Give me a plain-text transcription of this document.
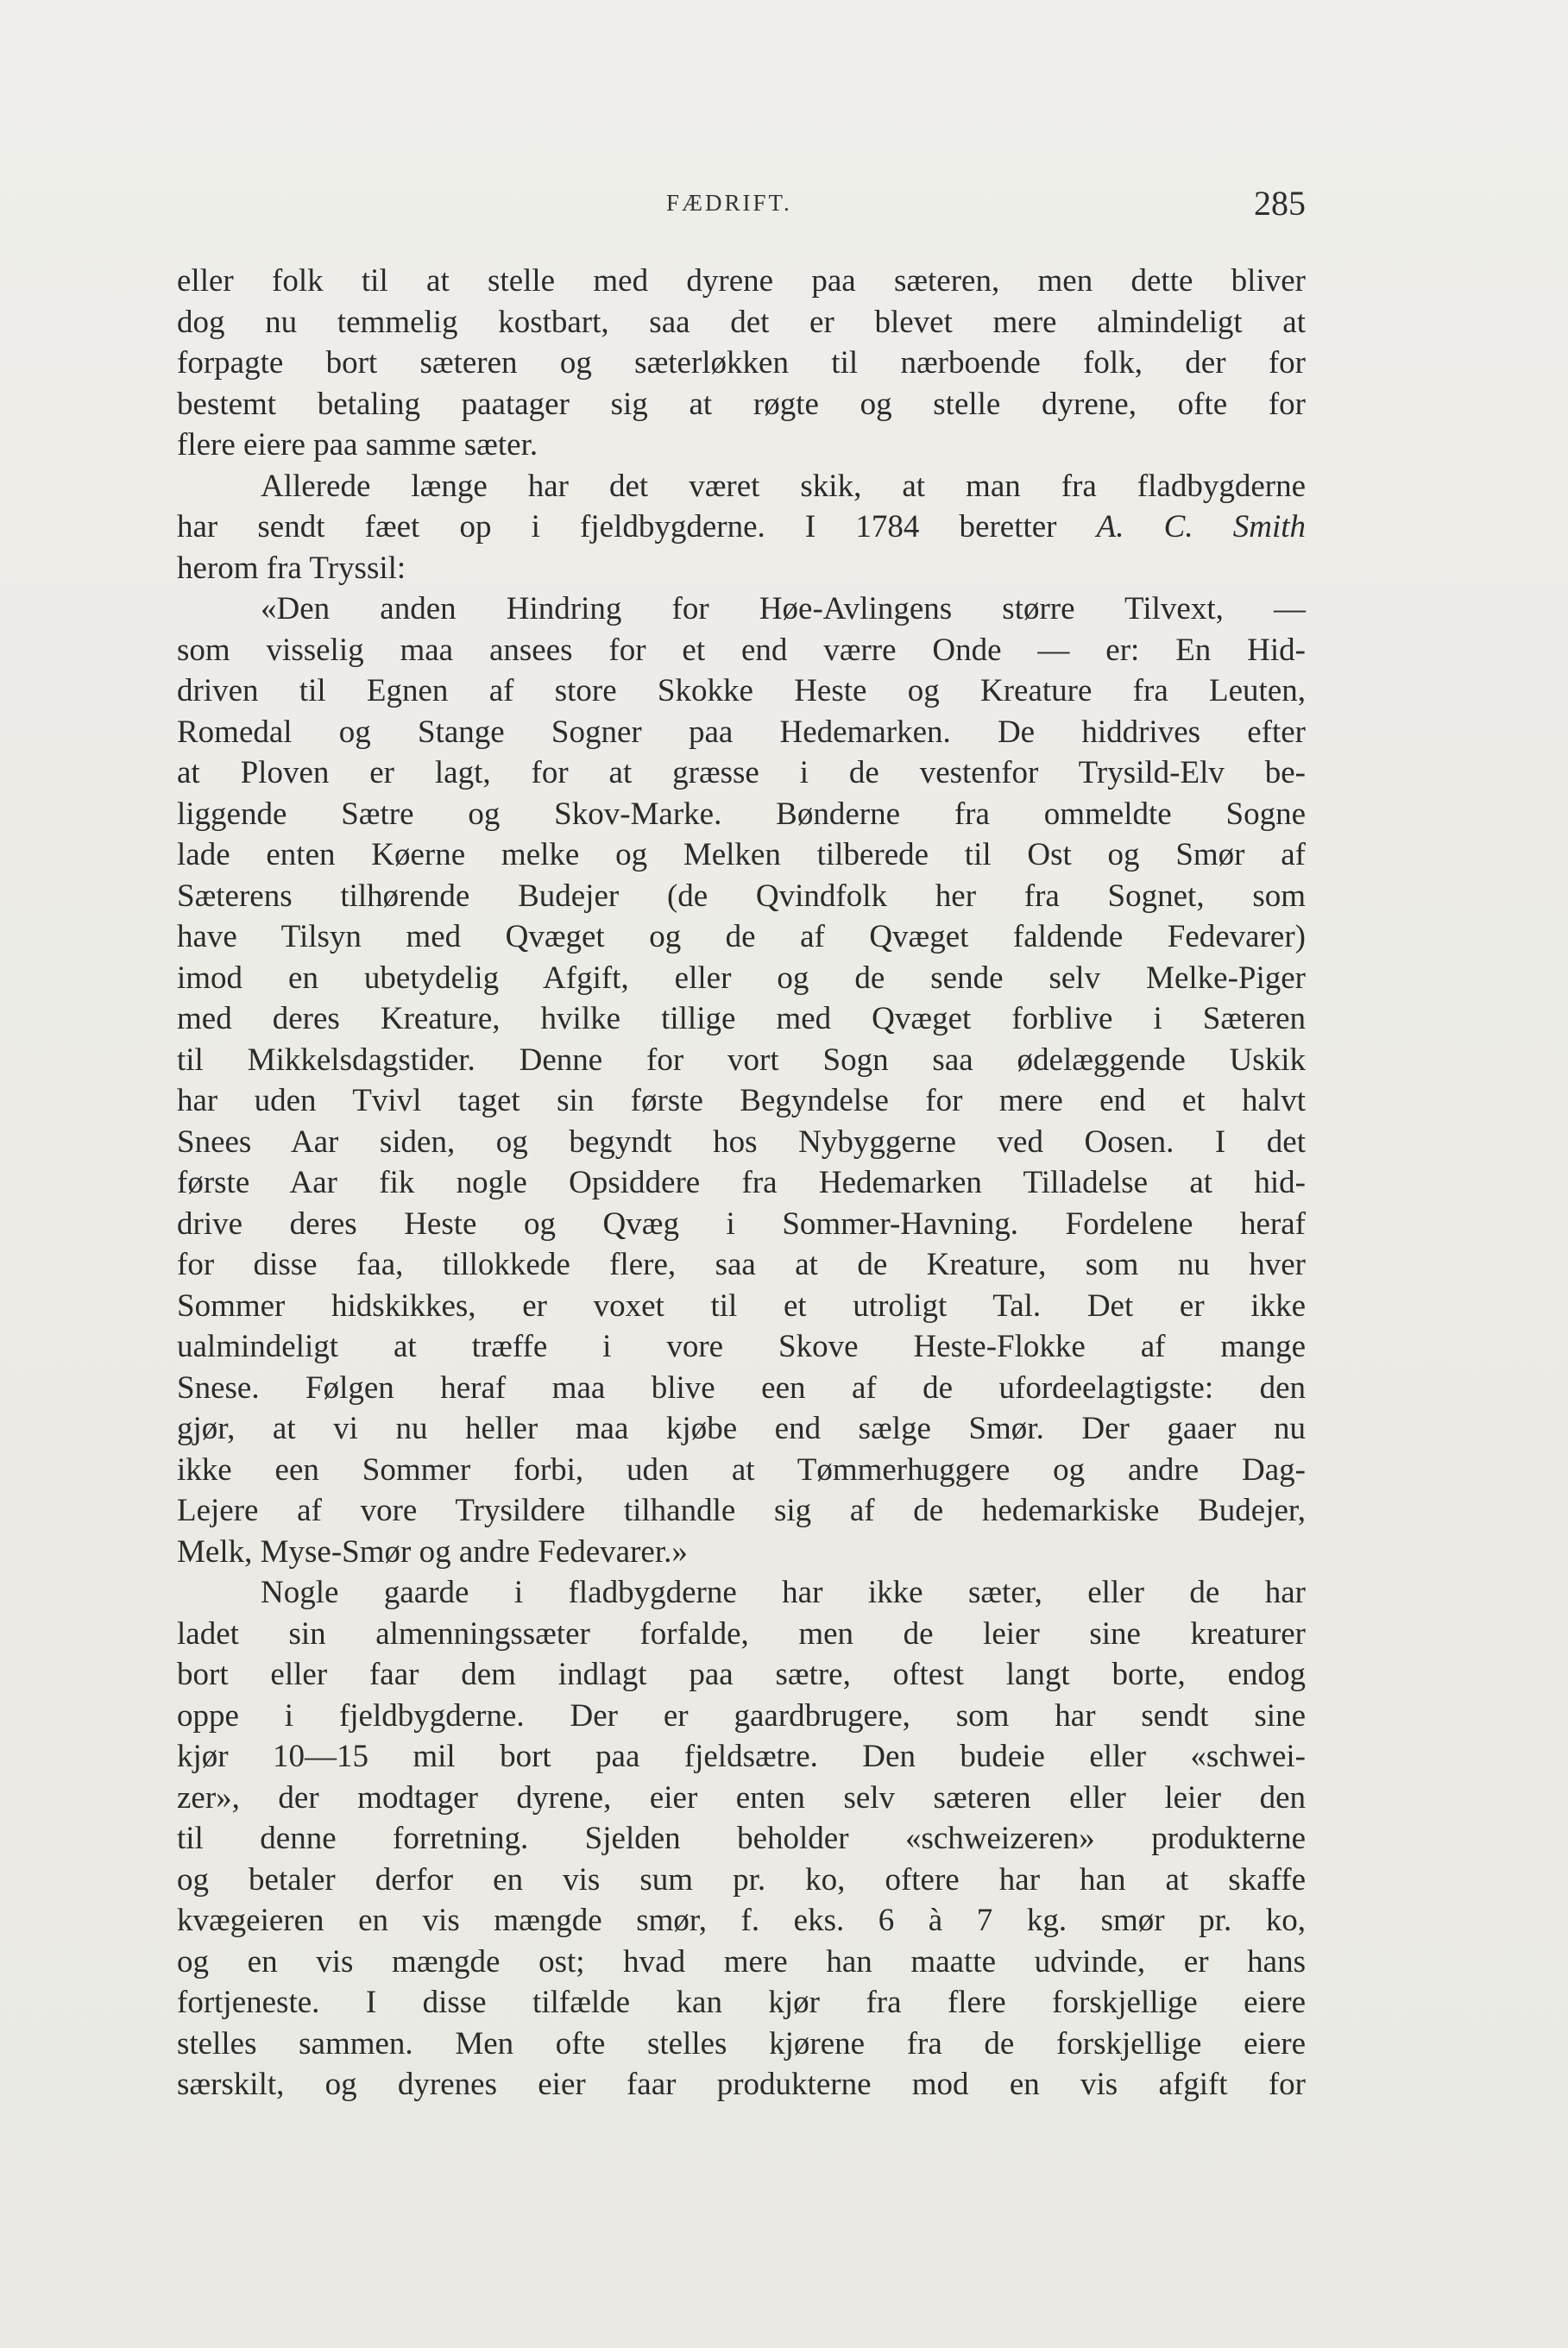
FÆDRIFT.	285
eller folk til at stelle med dyrene paa sæteren, men dette bliver
dog nu temmelig kostbart, saa det er blevet mere almindeligt at
forpagte bort sæteren og sæterløkken til nærboende folk, der for
bestemt betaling paatager sig at røgte og stelle dyrene, ofte for
flere eiere paa samme sæter.
Allerede længe har det været skik, at man fra fladbygderne
har sendt fæet op i fjeldbygderne. I 1784 beretter A. C. Smith
herom fra Tryssil:
«Den anden Hindring for Høe-Avlingens større Tilvext, —
som visselig maa ansees for et end værre Onde — er: En Hid-
driven til Egnen af store Skokke Heste og Kreature fra Leuten,
Romedal og Stange Sogner paa Hedemarken. De hiddrives efter
at Ploven er lagt, for at græsse i de vestenfor Trysild-Elv be-
liggende Sætre og Skov-Marke. Bønderne fra ommeldte Sogne
lade enten Køerne melke og Melken tilberede til Ost og Smør af
Sæterens tilhørende Budejer (de Qvindfolk her fra Sognet, som
have Tilsyn med Qvæget og de af Qvæget faldende Fedevarer)
imod en ubetydelig Afgift, eller og de sende selv Melke-Piger
med deres Kreature, hvilke tillige med Qvæget forblive i Sæteren
til Mikkelsdagstider. Denne for vort Sogn saa ødelæggende Uskik
har uden Tvivl taget sin første Begyndelse for mere end et halvt
Snees Aar siden, og begyndt hos Nybyggerne ved Oosen. I det
første Aar fik nogle Opsiddere fra Hedemarken Tilladelse at hid-
drive deres Heste og Qvæg i Sommer-Havning. Fordelene heraf
for disse faa, tillokkede flere, saa at de Kreature, som nu hver
Sommer hidskikkes, er voxet til et utroligt Tal. Det er ikke
ualmindeligt at træffe i vore Skove Heste-Flokke af mange
Snese. Følgen heraf maa blive een af de ufordeelagtigste: den
gjør, at vi nu heller maa kjøbe end sælge Smør. Der gaaer nu
ikke een Sommer forbi, uden at Tømmerhuggere og andre Dag-
Lejere af vore Trysildere tilhandle sig af de hedemarkiske Budejer,
Melk, Myse-Smør og andre Fedevarer.»
Nogle gaarde i fladbygderne har ikke sæter, eller de har
ladet sin almenningssæter forfalde, men de leier sine kreaturer
bort eller faar dem indlagt paa sætre, oftest langt borte, endog
oppe i fjeldbygderne. Der er gaardbrugere, som har sendt sine
kjør 10—15 mil bort paa fjeldsætre. Den budeie eller «schwei-
zer», der modtager dyrene, eier enten selv sæteren eller leier den
til denne forretning. Sjelden beholder «schweizeren» produkterne
og betaler derfor en vis sum pr. ko, oftere har han at skaffe
kvægeieren en vis mængde smør, f. eks. 6 à 7 kg. smør pr. ko,
og en vis mængde ost; hvad mere han maatte udvinde, er hans
fortjeneste. I disse tilfælde kan kjør fra flere forskjellige eiere
stelles sammen. Men ofte stelles kjørene fra de forskjellige eiere
særskilt, og dyrenes eier faar produkterne mod en vis afgift for
